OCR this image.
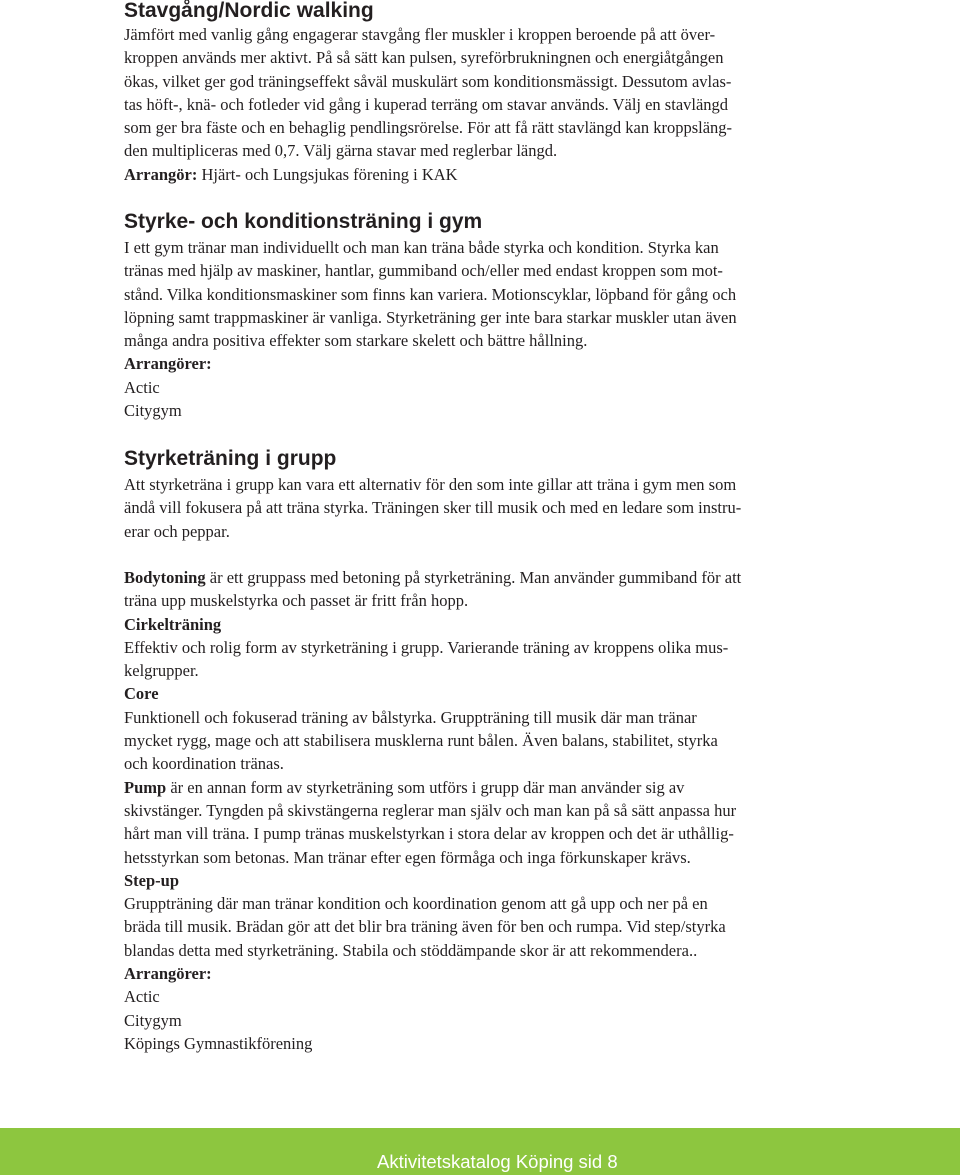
Stavgång/Nordic walking

Jämfört med vanlig gång engagerar stavgång fler muskler i kroppen beroende på att över-
kroppen används mer aktivt. På så sätt kan pulsen, syreförbrukningnen och energiåtgången
ökas, vilket ger god träningseffekt såväl muskulärt som konditionsmässigt. Dessutom avlas-
tas höft-, knä- och fotleder vid gång i kuperad terräng om stavar används. Välj en stavlängd
som ger bra fäste och en behaglig pendlingsrörelse. För att få rätt stavlängd kan kroppsläng-
den multipliceras med 0,7. Välj gärna stavar med reglerbar längd.
Arrangör: Hjärt- och Lungsjukas förening i KAK

Styrke- och konditionsträning i gym

I ett gym tränar man individuellt och man kan träna både styrka och kondition. Styrka kan
tränas med hjälp av maskiner, hantlar, gummiband och/eller med endast kroppen som mot-
stånd. Vilka konditionsmaskiner som finns kan variera. Motionscyklar, löpband för gång och
löpning samt trappmaskiner är vanliga. Styrketräning ger inte bara starkar muskler utan även
många andra positiva effekter som starkare skelett och bättre hållning.
Arrangörer:
Actic
Citygym

Styrketräning i grupp

Att styrketräna i grupp kan vara ett alternativ för den som inte gillar att träna i gym men som
ändå vill fokusera på att träna styrka. Träningen sker till musik och med en ledare som instru-
erar och peppar.

Bodytoning är ett gruppass med betoning på styrketräning. Man använder gummiband för att
träna upp muskelstyrka och passet är fritt från hopp.
Cirkelträning
Effektiv och rolig form av styrketräning i grupp. Varierande träning av kroppens olika mus-
kelgrupper.
Core
Funktionell och fokuserad träning av bålstyrka. Gruppträning till musik där man tränar
mycket rygg, mage och att stabilisera musklerna runt bålen. Även balans, stabilitet, styrka
och koordination tränas.
Pump är en annan form av styrketräning som utförs i grupp där man använder sig av
skivstänger. Tyngden på skivstängerna reglerar man själv och man kan på så sätt anpassa hur
hårt man vill träna. I pump tränas muskelstyrkan i stora delar av kroppen och det är uthållig-
hetsstyrkan som betonas. Man tränar efter egen förmåga och inga förkunskaper krävs.
Step-up
Gruppträning där man tränar kondition och koordination genom att gå upp och ner på en
bräda till musik. Brädan gör att det blir bra träning även för ben och rumpa. Vid step/styrka
blandas detta med styrketräning. Stabila och stöddämpande skor är att rekommendera..
Arrangörer:
Actic
Citygym
Köpings Gymnastikförening

Aktivitetskatalog Köping sid 8
